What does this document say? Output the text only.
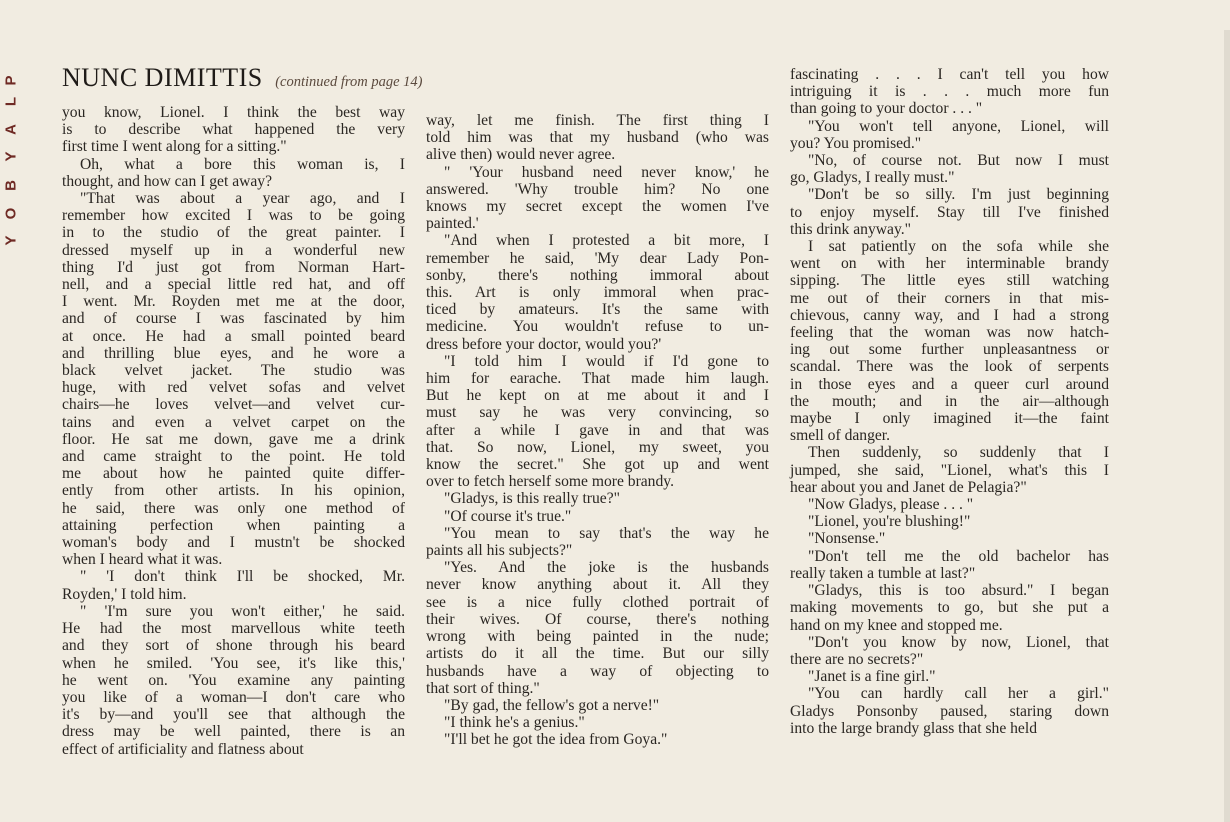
P
L
A
Y
B
O
Y
NUNC DIMITTIS (continued from page 14)

you know, Lionel. I think the best way
is to describe what happened the very
first time I went along for a sitting."

Oh, what a bore this woman is, I
thought, and how can I get away?

"That was about a year ago, and I
remember how excited I was to be going
in to the studio of the great painter. I
dressed myself up in a wonderful new
thing I'd just got from Norman Hart-
nell, and a special little red hat, and off
I went. Mr. Royden met me at the door,
and of course I was fascinated by him
at once. He had a small pointed beard
and thrilling blue eyes, and he wore a
black velvet jacket. The studio was
huge, with red velvet sofas and velvet
chairs—he loves velvet—and velvet cur-
tains and even a velvet carpet on the
floor. He sat me down, gave me a drink
and came straight to the point. He told
me about how he painted quite differ-
ently from other artists. In his opinion,
he said, there was only one method of
attaining perfection when painting a
woman's body and I mustn't be shocked
when I heard what it was.

" 'I don't think I'll be shocked, Mr.
Royden,' I told him.

" 'I'm sure you won't either,' he said.
He had the most marvellous white teeth
and they sort of shone through his beard
when he smiled. 'You see, it's like this,'
he went on. 'You examine any painting
you like of a woman—I don't care who
it's by—and you'll see that although the
dress may be well painted, there is an
effect of artificiality and flatness about

way, let me finish. The first thing I
told him was that my husband (who was
alive then) would never agree.

" 'Your husband need never know,' he
answered. 'Why trouble him? No one
knows my secret except the women I've
painted.'

"And when I protested a bit more, I
remember he said, 'My dear Lady Pon-
sonby, there's nothing immoral about
this. Art is only immoral when prac-
ticed by amateurs. It's the same with
medicine. You wouldn't refuse to un-
dress before your doctor, would you?'

"I told him I would if I'd gone to
him for earache. That made him laugh.
But he kept on at me about it and I
must say he was very convincing, so
after a while I gave in and that was
that. So now, Lionel, my sweet, you
know the secret." She got up and went
over to fetch herself some more brandy.

"Gladys, is this really true?"

"Of course it's true."

"You mean to say that's the way he
paints all his subjects?"

"Yes. And the joke is the husbands
never know anything about it. All they
see is a nice fully clothed portrait of
their wives. Of course, there's nothing
wrong with being painted in the nude;
artists do it all the time. But our silly
husbands have a way of objecting to
that sort of thing."

"By gad, the fellow's got a nerve!"

"I think he's a genius."

"I'll bet he got the idea from Goya."

fascinating . . . I can't tell you how
intriguing it is . . . much more fun
than going to your doctor . . . "

"You won't tell anyone, Lionel, will
you? You promised."

"No, of course not. But now I must
go, Gladys, I really must."

"Don't be so silly. I'm just beginning
to enjoy myself. Stay till I've finished
this drink anyway."

I sat patiently on the sofa while she
went on with her interminable brandy
sipping. The little eyes still watching
me out of their corners in that mis-
chievous, canny way, and I had a strong
feeling that the woman was now hatch-
ing out some further unpleasantness or
scandal. There was the look of serpents
in those eyes and a queer curl around
the mouth; and in the air—although
maybe I only imagined it—the faint
smell of danger.

Then suddenly, so suddenly that I
jumped, she said, "Lionel, what's this I
hear about you and Janet de Pelagia?"

"Now Gladys, please . . . "

"Lionel, you're blushing!"

"Nonsense."

"Don't tell me the old bachelor has
really taken a tumble at last?"

"Gladys, this is too absurd." I began
making movements to go, but she put a
hand on my knee and stopped me.

"Don't you know by now, Lionel, that
there are no secrets?"

"Janet is a fine girl."

"You can hardly call her a girl."
Gladys Ponsonby paused, staring down
into the large brandy glass that she held
